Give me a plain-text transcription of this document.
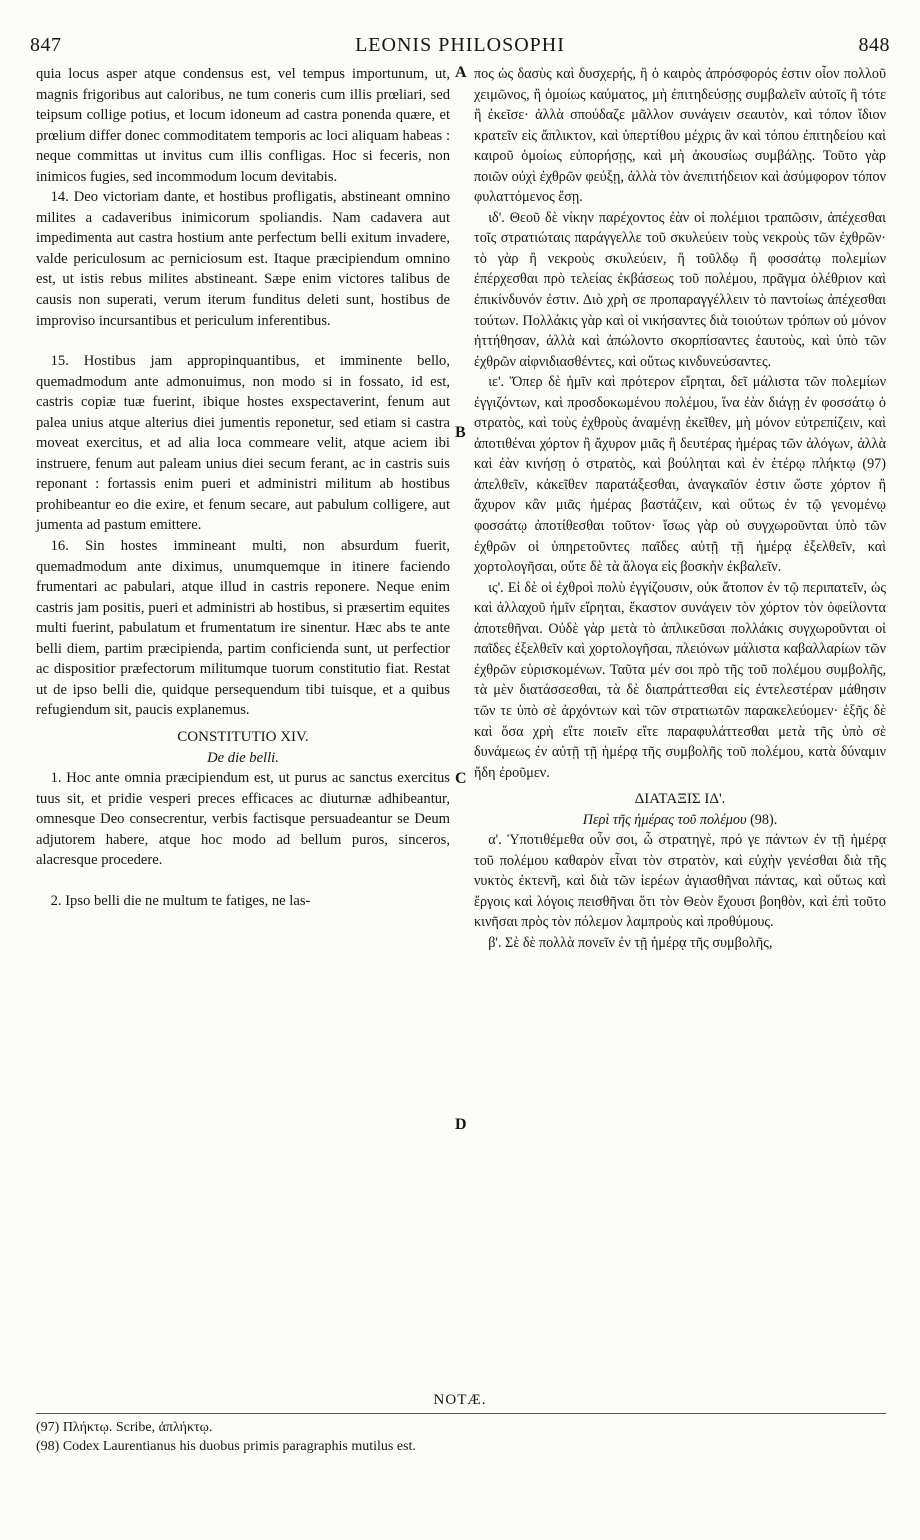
847	LEONIS PHILOSOPHI	848

quia locus asper atque condensus est, vel tempus importunum, ut, magnis frigoribus aut caloribus, ne tum coneris cum illis prœliari, sed teipsum collige potius, et locum idoneum ad castra ponenda quære, et prœlium differ donec commoditatem temporis ac loci aliquam habeas : neque committas ut invitus cum illis confligas. Hoc si feceris, non inimicos fugies, sed incommodum locum devitabis.

14. Deo victoriam dante, et hostibus profligatis, abstineant omnino milites a cadaveribus inimicorum spoliandis. Nam cadavera aut impedimenta aut castra hostium ante perfectum belli exitum invadere, valde periculosum ac perniciosum est. Itaque præcipiendum omnino est, ut istis rebus milites abstineant. Sæpe enim victores talibus de causis non superati, verum iterum funditus deleti sunt, hostibus de improviso incursantibus et periculum inferentibus.

15. Hostibus jam appropinquantibus, et imminente bello, quemadmodum ante admonuimus, non modo si in fossato, id est, castris copiæ tuæ fuerint, ibique hostes exspectaverint, fenum aut palea unius atque alterius diei jumentis reponetur, sed etiam si castra moveat exercitus, et ad alia loca commeare velit, atque aciem ibi instruere, fenum aut paleam unius diei secum ferant, ac in castris suis reponant : fortassis enim pueri et administri militum ab hostibus prohibeantur eo die exire, et fenum secare, aut pabulum colligere, aut jumenta ad pastum emittere.

16. Sin hostes immineant multi, non absurdum fuerit, quemadmodum ante diximus, unumquemque in itinere faciendo frumentari ac pabulari, atque illud in castris reponere. Neque enim castris jam positis, pueri et administri ab hostibus, si præsertim equites multi fuerint, pabulatum et frumentatum ire sinentur. Hæc abs te ante belli diem, partim præcipienda, partim conficienda sunt, ut perfectior ac dispositior præfectorum militumque tuorum constitutio fiat. Restat ut de ipso belli die, quidque persequendum tibi tuisque, et a quibus refugiendum sit, paucis explanemus.

CONSTITUTIO XIV.

De die belli.

1. Hoc ante omnia præcipiendum est, ut purus ac sanctus exercitus tuus sit, et pridie vesperi preces efficaces ac diuturnæ adhibeantur, omnesque Deo consecrentur, verbis factisque persuadeantur se Deum adjutorem habere, atque hoc modo ad bellum puros, sinceros, alacresque procedere.

2. Ipso belli die ne multum te fatiges, ne las-

A
B
C
D

πος ὡς δασὺς καὶ δυσχερής, ἢ ὁ καιρὸς ἀπρόσφορός ἐστιν οἷον πολλοῦ χειμῶνος, ἢ ὁμοίως καύματος, μὴ ἐπιτηδεύσῃς συμβαλεῖν αὐτοῖς ἢ τότε ἢ ἐκεῖσε· ἀλλὰ σπούδαζε μᾶλλον συνάγειν σεαυτὸν, καὶ τόπον ἴδιον κρατεῖν εἰς ἄπλικτον, καὶ ὑπερτίθου μέχρις ἂν καὶ τόπου ἐπιτηδείου καὶ καιροῦ ὁμοίως εὐπορήσῃς, καὶ μὴ ἀκουσίως συμβάλῃς. Τοῦτο γὰρ ποιῶν οὐχὶ ἐχθρῶν φεύξῃ, ἀλλὰ τὸν ἀνεπιτήδειον καὶ ἀσύμφορον τόπον φυλαττόμενος ἔσῃ.

ιδ'. Θεοῦ δὲ νίκην παρέχοντος ἐὰν οἱ πολέμιοι τραπῶσιν, ἀπέχεσθαι τοῖς στρατιώταις παράγγελλε τοῦ σκυλεύειν τοὺς νεκροὺς τῶν ἐχθρῶν· τὸ γὰρ ἢ νεκροὺς σκυλεύειν, ἢ τοῦλδῳ ἢ φοσσάτῳ πολεμίων ἐπέρχεσθαι πρὸ τελείας ἐκβάσεως τοῦ πολέμου, πρᾶγμα ὀλέθριον καὶ ἐπικίνδυνόν ἐστιν. Διὸ χρὴ σε προπαραγγέλλειν τὸ παντοίως ἀπέχεσθαι τούτων. Πολλάκις γὰρ καὶ οἱ νικήσαντες διὰ τοιούτων τρόπων οὐ μόνον ἡττήθησαν, ἀλλὰ καὶ ἀπώλοντο σκορπίσαντες ἑαυτοὺς, καὶ ὑπὸ τῶν ἐχθρῶν αἰφνιδιασθέντες, καὶ οὕτως κινδυνεύσαντες.

ιε'. Ὅπερ δὲ ἡμῖν καὶ πρότερον εἴρηται, δεῖ μάλιστα τῶν πολεμίων ἐγγιζόντων, καὶ προσδοκωμένου πολέμου, ἵνα ἐὰν διάγῃ ἐν φοσσάτῳ ὁ στρατὸς, καὶ τοὺς ἐχθροὺς ἀναμένῃ ἐκεῖθεν, μὴ μόνον εὐτρεπίζειν, καὶ ἀποτιθέναι χόρτον ἢ ἄχυρον μιᾶς ἢ δευτέρας ἡμέρας τῶν ἀλόγων, ἀλλὰ καὶ ἐὰν κινήσῃ ὁ στρατὸς, καὶ βούληται καὶ ἐν ἑτέρῳ πλήκτῳ (97) ἀπελθεῖν, κἀκεῖθεν παρατάξεσθαι, ἀναγκαῖόν ἐστιν ὥστε χόρτον ἢ ἄχυρον κἂν μιᾶς ἡμέρας βαστάζειν, καὶ οὕτως ἐν τῷ γενομένῳ φοσσάτῳ ἀποτίθεσθαι τοῦτον· ἴσως γὰρ οὐ συγχωροῦνται ὑπὸ τῶν ἐχθρῶν οἱ ὑπηρετοῦντες παῖδες αὐτῇ τῇ ἡμέρᾳ ἐξελθεῖν, καὶ χορτολογῆσαι, οὔτε δὲ τὰ ἄλογα εἰς βοσκὴν ἐκβαλεῖν.

ις'. Εἰ δὲ οἱ ἐχθροὶ πολὺ ἐγγίζουσιν, οὐκ ἄτοπον ἐν τῷ περιπατεῖν, ὡς καὶ ἀλλαχοῦ ἡμῖν εἴρηται, ἕκαστον συνάγειν τὸν χόρτον τὸν ὀφείλοντα ἀποτεθῆναι. Οὐδὲ γὰρ μετὰ τὸ ἀπλικεῦσαι πολλάκις συγχωροῦνται οἱ παῖδες ἐξελθεῖν καὶ χορτολογῆσαι, πλειόνων μάλιστα καβαλλαρίων τῶν ἐχθρῶν εὑρισκομένων. Ταῦτα μέν σοι πρὸ τῆς τοῦ πολέμου συμβολῆς, τὰ μὲν διατάσσεσθαι, τὰ δὲ διαπράττεσθαι εἰς ἐντελεστέραν μάθησιν τῶν τε ὑπὸ σὲ ἀρχόντων καὶ τῶν στρατιωτῶν παρακελεύομεν· ἑξῆς δὲ καὶ ὅσα χρὴ εἴτε ποιεῖν εἴτε παραφυλάττεσθαι μετὰ τῆς ὑπὸ σὲ δυνάμεως ἐν αὐτῇ τῇ ἡμέρᾳ τῆς συμβολῆς τοῦ πολέμου, κατὰ δύναμιν ἤδη ἐροῦμεν.

ΔΙΑΤΑΞΙΣ ΙΔ'.

Περὶ τῆς ἡμέρας τοῦ πολέμου (98).

α'. Ὑποτιθέμεθα οὖν σοι, ὦ στρατηγὲ, πρό γε πάντων ἐν τῇ ἡμέρᾳ τοῦ πολέμου καθαρὸν εἶναι τὸν στρατὸν, καὶ εὐχὴν γενέσθαι διὰ τῆς νυκτὸς ἐκτενῆ, καὶ διὰ τῶν ἱερέων ἁγιασθῆναι πάντας, καὶ οὕτως καὶ ἔργοις καὶ λόγοις πεισθῆναι ὅτι τὸν Θεὸν ἔχουσι βοηθὸν, καὶ ἐπὶ τοῦτο κινῆσαι πρὸς τὸν πόλεμον λαμπροὺς καὶ προθύμους.

β'. Σὲ δὲ πολλὰ πονεῖν ἐν τῇ ἡμέρᾳ τῆς συμβολῆς,

NOTÆ.

(97) Πλήκτῳ. Scribe, ἀπλήκτῳ.

(98) Codex Laurentianus his duobus primis paragraphis mutilus est.
